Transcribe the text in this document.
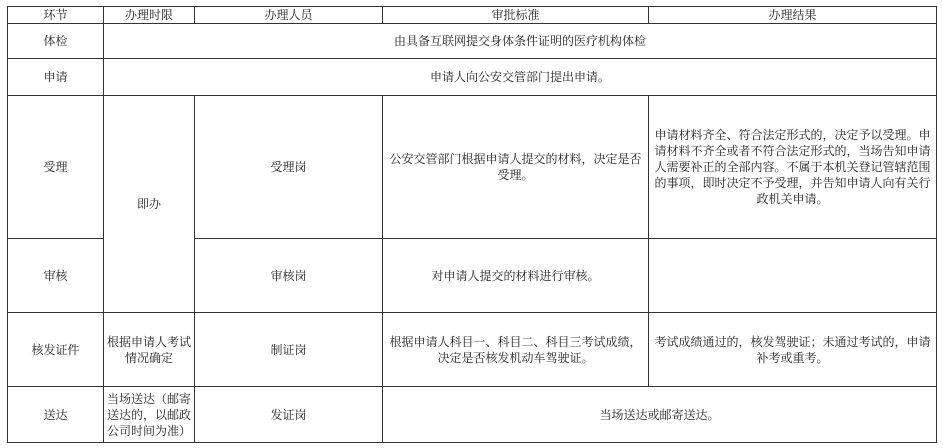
环节	办理时限	办理人员	审批标准	办理结果
体检	由具备互联网提交身体条件证明的医疗机构体检			
申请	申请人向公安交管部门提出申请。			
受理	即办	受理岗	公安交管部门根据申请人提交的材料，决定是否受理。	申请材料齐全、符合法定形式的，决定予以受理。申请材料不齐全或者不符合法定形式的，当场告知申请人需要补正的全部内容。不属于本机关登记管辖范围的事项，即时决定不予受理，并告知申请人向有关行政机关申请。
审核		审核岗	对申请人提交的材料进行审核。	
核发证件	根据申请人考试情况确定	制证岗	根据申请人科目一、科目二、科目三考试成绩，决定是否核发机动车驾驶证。	考试成绩通过的，核发驾驶证；未通过考试的，申请补考或重考。
送达	当场送达（邮寄送达的，以邮政公司时间为准）	发证岗	当场送达或邮寄送达。	
